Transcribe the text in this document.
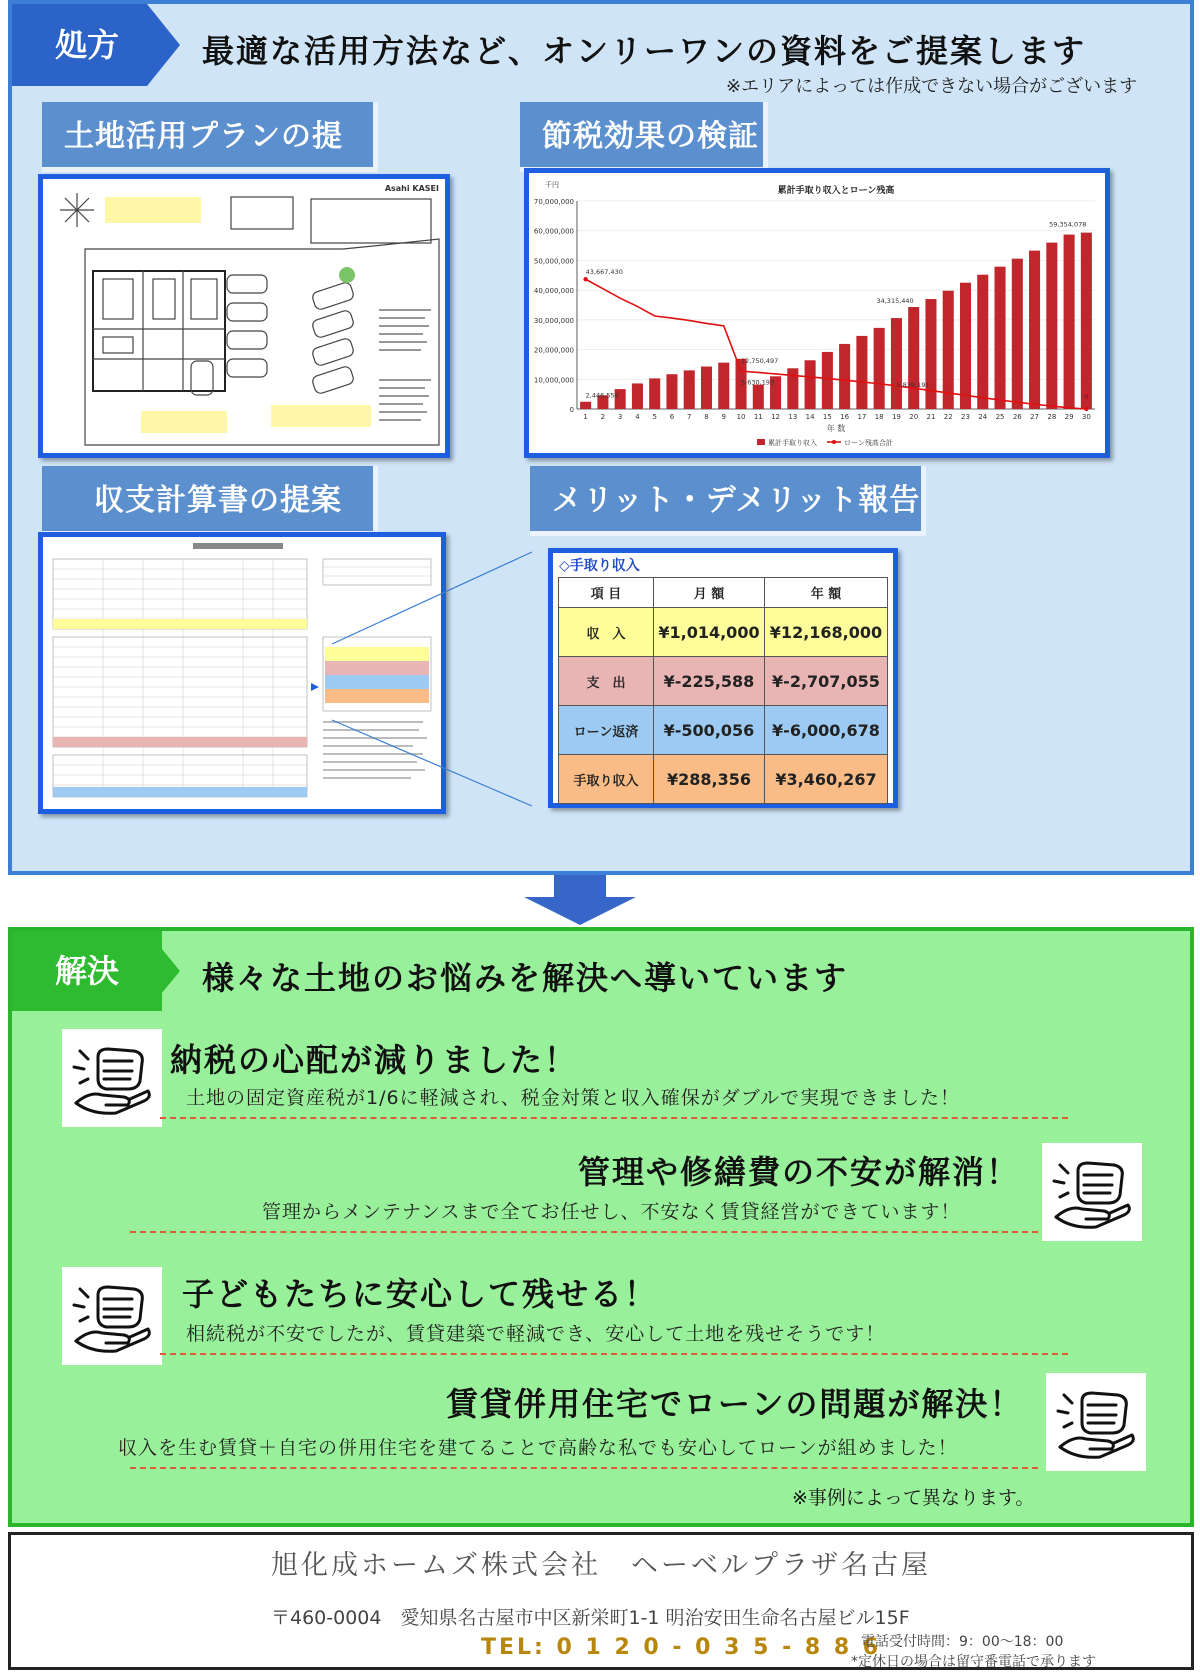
処方	最適な活用方法など、オンリーワンの資料をご提案します
※エリアによっては作成できない場合がございます
土地活用プランの提	節税効果の検証
収支計算書の提案	メリット・デメリット報告
Asahi KASEI
0
10,000,000
20,000,000
30,000,000
40,000,000
50,000,000
60,000,000
70,000,000
千円
累計手取り収入とローン残高
1 2 3 4 5 6 7 8 9 10 11 12 13 14 15 16 17 18 19 20 21 22 23 24 25 26 27 28 29 30
43,667,430
59,354,078
34,315,440
12,750,497
5,630,193	5,839,191
2,446,559	0
年 数
累計手取り収入	ローン残高合計
◇手取り収入
項 目	月 額	年 額
収　入	¥1,014,000	¥12,168,000
支　出	¥-225,588	¥-2,707,055
ローン返済	¥-500,056	¥-6,000,678
手取り収入	¥288,356	¥3,460,267
解決	様々な土地のお悩みを解決へ導いています
納税の心配が減りました！
土地の固定資産税が1/6に軽減され、税金対策と収入確保がダブルで実現できました！
管理や修繕費の不安が解消！
管理からメンテナンスまで全てお任せし、不安なく賃貸経営ができています！
子どもたちに安心して残せる！
相続税が不安でしたが、賃貸建築で軽減でき、安心して土地を残せそうです！
賃貸併用住宅でローンの問題が解決！
収入を生む賃貸＋自宅の併用住宅を建てることで高齢な私でも安心してローンが組めました！
※事例によって異なります。
旭化成ホームズ株式会社　ヘーベルプラザ名古屋
〒460-0004　愛知県名古屋市中区新栄町1-1 明治安田生命名古屋ビル15F
TEL: 0 1 2 0 - 0 3 5 - 8 8 6
電話受付時間：9：00～18：00
*定休日の場合は留守番電話で承ります
